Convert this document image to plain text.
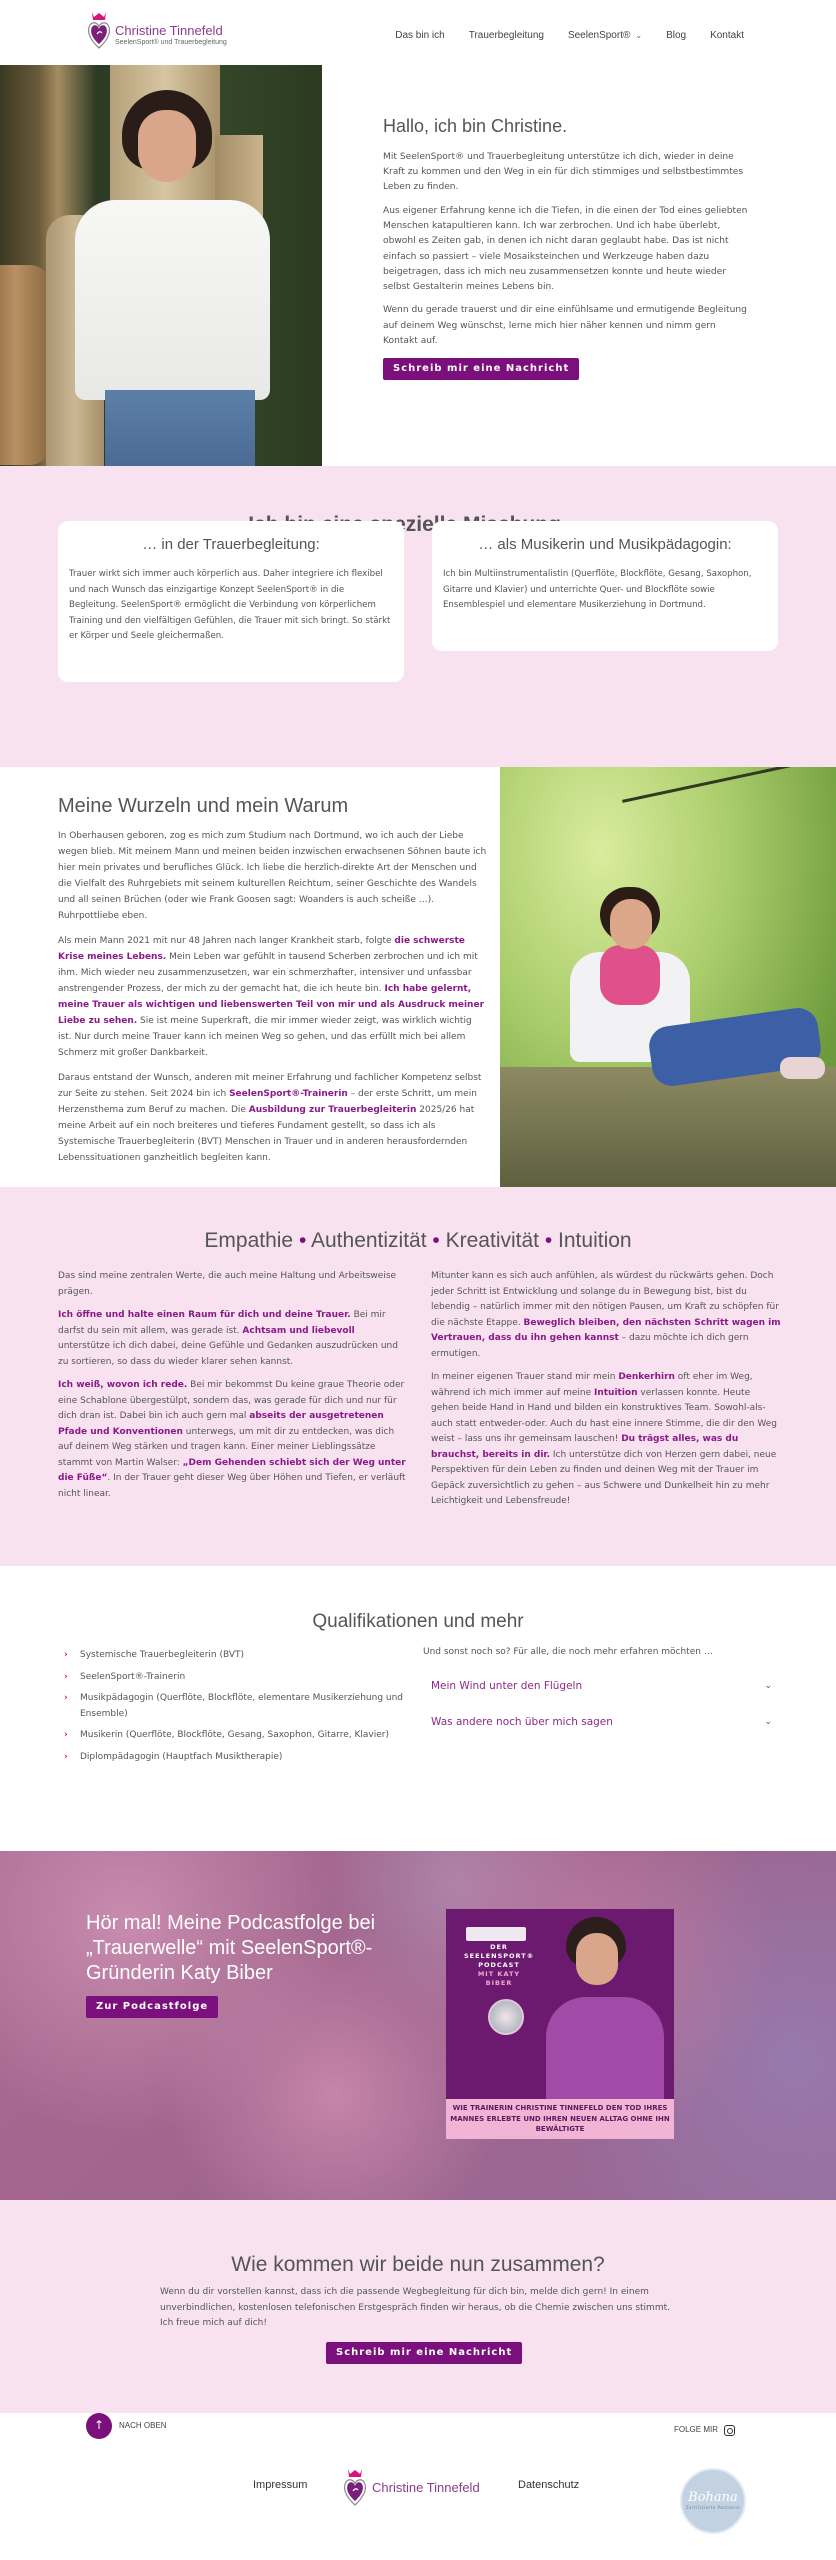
Christine Tinnefeld
SeelenSport® und Trauerbegleitung
Das bin ich Trauerbegleitung SeelenSport® ⌄ Blog Kontakt
Hallo, ich bin Christine.

Mit SeelenSport® und Trauerbegleitung unterstütze ich dich, wieder in deine Kraft zu kommen und den Weg in ein für dich stimmiges und selbstbestimmtes Leben zu finden.

Aus eigener Erfahrung kenne ich die Tiefen, in die einen der Tod eines geliebten Menschen katapultieren kann. Ich war zerbrochen. Und ich habe überlebt, obwohl es Zeiten gab, in denen ich nicht daran geglaubt habe. Das ist nicht einfach so passiert – viele Mosaiksteinchen und Werkzeuge haben dazu beigetragen, dass ich mich neu zusammensetzen konnte und heute wieder selbst Gestalterin meines Lebens bin.

Wenn du gerade trauerst und dir eine einfühlsame und ermutigende Begleitung auf deinem Weg wünschst, lerne mich hier näher kennen und nimm gern Kontakt auf.

Schreib mir eine Nachricht
spezielle
… in der Trauerbegleitung:

Trauer wirkt sich immer auch körperlich aus. Daher integriere ich flexibel und nach Wunsch das einzigartige Konzept SeelenSport® in die Begleitung. SeelenSport® ermöglicht die Verbindung von körperlichem Training und den vielfältigen Gefühlen, die Trauer mit sich bringt. So stärkt er Körper und Seele gleichermaßen.

… als Musikerin und Musikpädagogin:

Ich bin Multiinstrumentalistin (Querflöte, Blockflöte, Gesang, Saxophon, Gitarre und Klavier) und unterrichte Quer- und Blockflöte sowie Ensemblespiel und elementare Musikerziehung in Dortmund.

Meine Wurzeln und mein Warum

In Oberhausen geboren, zog es mich zum Studium nach Dortmund, wo ich auch der Liebe wegen blieb. Mit meinem Mann und meinen beiden inzwischen erwachsenen Söhnen baute ich hier mein privates und berufliches Glück. Ich liebe die herzlich-direkte Art der Menschen und die Vielfalt des Ruhrgebiets mit seinem kulturellen Reichtum, seiner Geschichte des Wandels und all seinen Brüchen (oder wie Frank Goosen sagt: Woanders is auch scheiße …). Ruhrpottliebe eben.

Als mein Mann 2021 mit nur 48 Jahren nach langer Krankheit starb, folgte die schwerste Krise meines Lebens. Mein Leben war gefühlt in tausend Scherben zerbrochen und ich mit ihm. Mich wieder neu zusammenzusetzen, war ein schmerzhafter, intensiver und unfassbar anstrengender Prozess, der mich zu der gemacht hat, die ich heute bin. Ich habe gelernt, meine Trauer als wichtigen und liebenswerten Teil von mir und als Ausdruck meiner Liebe zu sehen. Sie ist meine Superkraft, die mir immer wieder zeigt, was wirklich wichtig ist. Nur durch meine Trauer kann ich meinen Weg so gehen, und das erfüllt mich bei allem Schmerz mit großer Dankbarkeit.

Daraus entstand der Wunsch, anderen mit meiner Erfahrung und fachlicher Kompetenz selbst zur Seite zu stehen. Seit 2024 bin ich SeelenSport®-Trainerin – der erste Schritt, um mein Herzensthema zum Beruf zu machen. Die Ausbildung zur Trauerbegleiterin 2025/26 hat meine Arbeit auf ein noch breiteres und tieferes Fundament gestellt, so dass ich als Systemische Trauerbegleiterin (BVT) Menschen in Trauer und in anderen herausfordernden Lebenssituationen ganzheitlich begleiten kann.

Empathie • Authentizität • Kreativität • Intuition

Das sind meine zentralen Werte, die auch meine Haltung und Arbeitsweise prägen.

Ich öffne und halte einen Raum für dich und deine Trauer. Bei mir darfst du sein mit allem, was gerade ist. Achtsam und liebevoll unterstütze ich dich dabei, deine Gefühle und Gedanken auszudrücken und zu sortieren, so dass du wieder klarer sehen kannst.

Ich weiß, wovon ich rede. Bei mir bekommst Du keine graue Theorie oder eine Schablone übergestülpt, sondern das, was gerade für dich und nur für dich dran ist. Dabei bin ich auch gern mal abseits der ausgetretenen Pfade und Konventionen unterwegs, um mit dir zu entdecken, was dich auf deinem Weg stärken und tragen kann. Einer meiner Lieblingssätze stammt von Martin Walser: „Dem Gehenden schiebt sich der Weg unter die Füße“. In der Trauer geht dieser Weg über Höhen und Tiefen, er verläuft nicht linear.

Mitunter kann es sich auch anfühlen, als würdest du rückwärts gehen. Doch jeder Schritt ist Entwicklung und solange du in Bewegung bist, bist du lebendig – natürlich immer mit den nötigen Pausen, um Kraft zu schöpfen für die nächste Etappe. Beweglich bleiben, den nächsten Schritt wagen im Vertrauen, dass du ihn gehen kannst – dazu möchte ich dich gern ermutigen.

In meiner eigenen Trauer stand mir mein Denkerhirn oft eher im Weg, während ich mich immer auf meine Intuition verlassen konnte. Heute gehen beide Hand in Hand und bilden ein konstruktives Team. Sowohl-als-auch statt entweder-oder. Auch du hast eine innere Stimme, die dir den Weg weist – lass uns ihr gemeinsam lauschen! Du trägst alles, was du brauchst, bereits in dir. Ich unterstütze dich von Herzen gern dabei, neue Perspektiven für dein Leben zu finden und deinen Weg mit der Trauer im Gepäck zuversichtlich zu gehen – aus Schwere und Dunkelheit hin zu mehr Leichtigkeit und Lebensfreude!

Qualifikationen und mehr
› Systemische Trauerbegleiterin (BVT)
› SeelenSport®-Trainerin
› Musikpädagogin (Querflöte, Blockflöte, elementare Musikerziehung und Ensemble)
› Musikerin (Querflöte, Blockflöte, Gesang, Saxophon, Gitarre, Klavier)
› Diplompädagogin (Hauptfach Musiktherapie)
Und sonst noch so? Für alle, die noch mehr erfahren möchten …
Mein Wind unter den Flügeln	⌄
Was andere noch über mich sagen	⌄
Hör mal! Meine Podcastfolge bei „Trauerwelle“ mit SeelenSport®-Gründerin Katy Biber
Zur Podcastfolge
DER
SEELENSPORT®
PODCAST
MIT KATY BIBER
WIE TRAINERIN CHRISTINE TINNEFELD DEN TOD IHRES MANNES ERLEBTE UND IHREN NEUEN ALLTAG OHNE IHN BEWÄLTIGTE
Wie kommen wir beide nun zusammen?

Wenn du dir vorstellen kannst, dass ich die passende Wegbegleitung für dich bin, melde dich gern! In einem unverbindlichen, kostenlosen telefonischen Erstgespräch finden wir heraus, ob die Chemie zwischen uns stimmt. Ich freue mich auf dich!

Schreib mir eine Nachricht
↑	NACH OBEN	FOLGE MIR
Impressum	Christine Tinnefeld	Datenschutz
Bohana
Zertifizierte Partnerin
